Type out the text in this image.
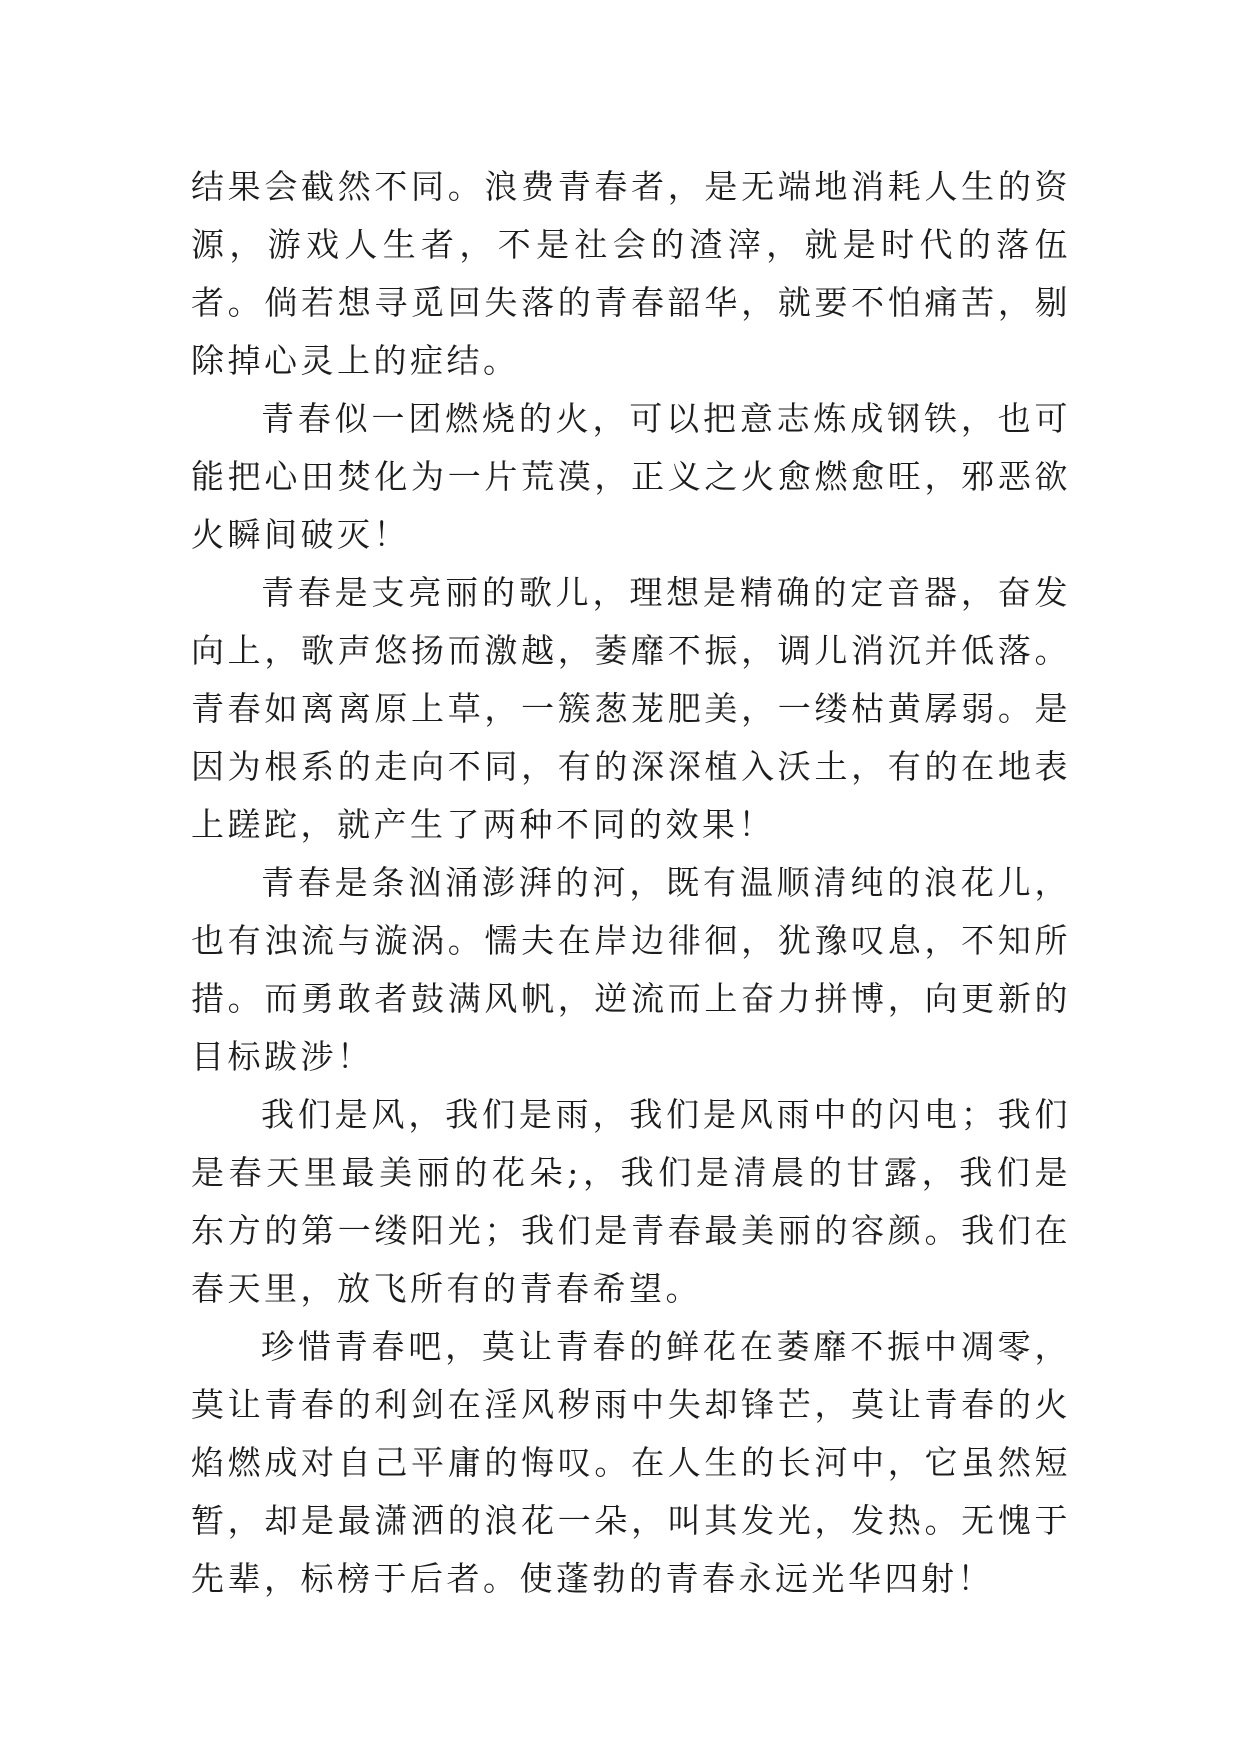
结果会截然不同。浪费青春者，是无端地消耗人生的资源，游戏人生者，不是社会的渣滓，就是时代的落伍者。倘若想寻觅回失落的青春韶华，就要不怕痛苦，剔除掉心灵上的症结。

青春似一团燃烧的火，可以把意志炼成钢铁，也可能把心田焚化为一片荒漠，正义之火愈燃愈旺，邪恶欲火瞬间破灭！

青春是支亮丽的歌儿，理想是精确的定音器，奋发向上，歌声悠扬而激越，萎靡不振，调儿消沉并低落。青春如离离原上草，一簇葱茏肥美，一缕枯黄孱弱。是因为根系的走向不同，有的深深植入沃土，有的在地表上蹉跎，就产生了两种不同的效果！

青春是条汹涌澎湃的河，既有温顺清纯的浪花儿，也有浊流与漩涡。懦夫在岸边徘徊，犹豫叹息，不知所措。而勇敢者鼓满风帆，逆流而上奋力拼博，向更新的目标跋涉！

我们是风，我们是雨，我们是风雨中的闪电；我们是春天里最美丽的花朵;，我们是清晨的甘露，我们是东方的第一缕阳光；我们是青春最美丽的容颜。我们在春天里，放飞所有的青春希望。

珍惜青春吧，莫让青春的鲜花在萎靡不振中凋零，莫让青春的利剑在淫风秽雨中失却锋芒，莫让青春的火焰燃成对自己平庸的悔叹。在人生的长河中，它虽然短暂，却是最潇洒的浪花一朵，叫其发光，发热。无愧于先辈，标榜于后者。使蓬勃的青春永远光华四射！
